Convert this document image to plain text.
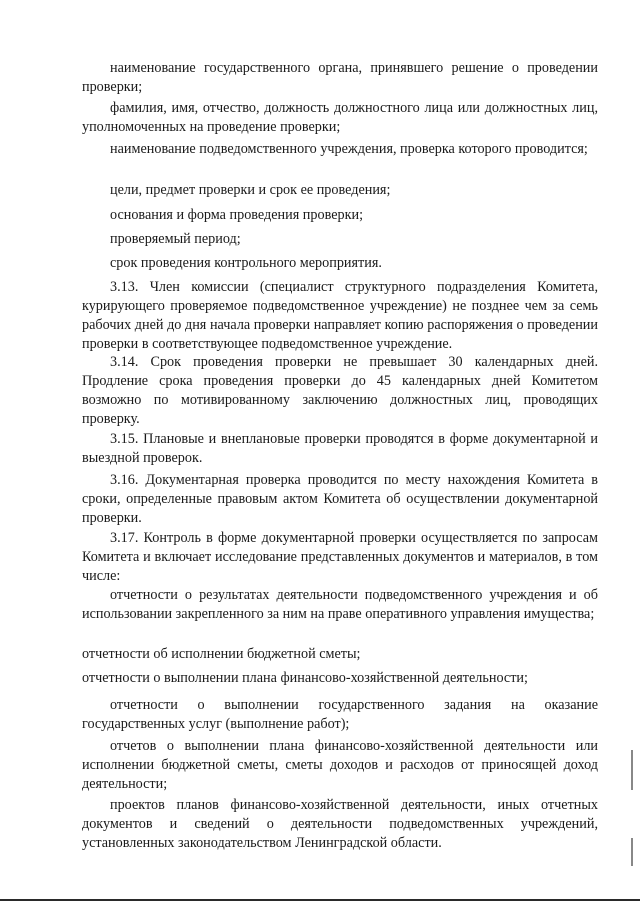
наименование государственного органа, принявшего решение о проведении проверки;

фамилия, имя, отчество, должность должностного лица или должностных лиц, уполномоченных на проведение проверки;

наименование подведомственного учреждения, проверка которого проводится;

цели, предмет проверки и срок ее проведения;

основания и форма проведения проверки;

проверяемый период;

срок проведения контрольного мероприятия.

3.13. Член комиссии (специалист структурного подразделения Комитета, курирующего проверяемое подведомственное учреждение) не позднее чем за семь рабочих дней до дня начала проверки направляет копию распоряжения о проведении проверки в соответствующее подведомственное учреждение.

3.14. Срок проведения проверки не превышает 30 календарных дней. Продление срока проведения проверки до 45 календарных дней Комитетом возможно по мотивированному заключению должностных лиц, проводящих проверку.

3.15. Плановые и внеплановые проверки проводятся в форме документарной и выездной проверок.

3.16. Документарная проверка проводится по месту нахождения Комитета в сроки, определенные правовым актом Комитета об осуществлении документарной проверки.

3.17. Контроль в форме документарной проверки осуществляется по запросам Комитета и включает исследование представленных документов и материалов, в том числе:

отчетности о результатах деятельности подведомственного учреждения и об использовании закрепленного за ним на праве оперативного управления имущества;

отчетности об исполнении бюджетной сметы;

отчетности о выполнении плана финансово-хозяйственной деятельности;

отчетности о выполнении государственного задания на оказание государственных услуг (выполнение работ);

отчетов о выполнении плана финансово-хозяйственной деятельности или исполнении бюджетной сметы, сметы доходов и расходов от приносящей доход деятельности;

проектов планов финансово-хозяйственной деятельности, иных отчетных документов и сведений о деятельности подведомственных учреждений, установленных законодательством Ленинградской области.
